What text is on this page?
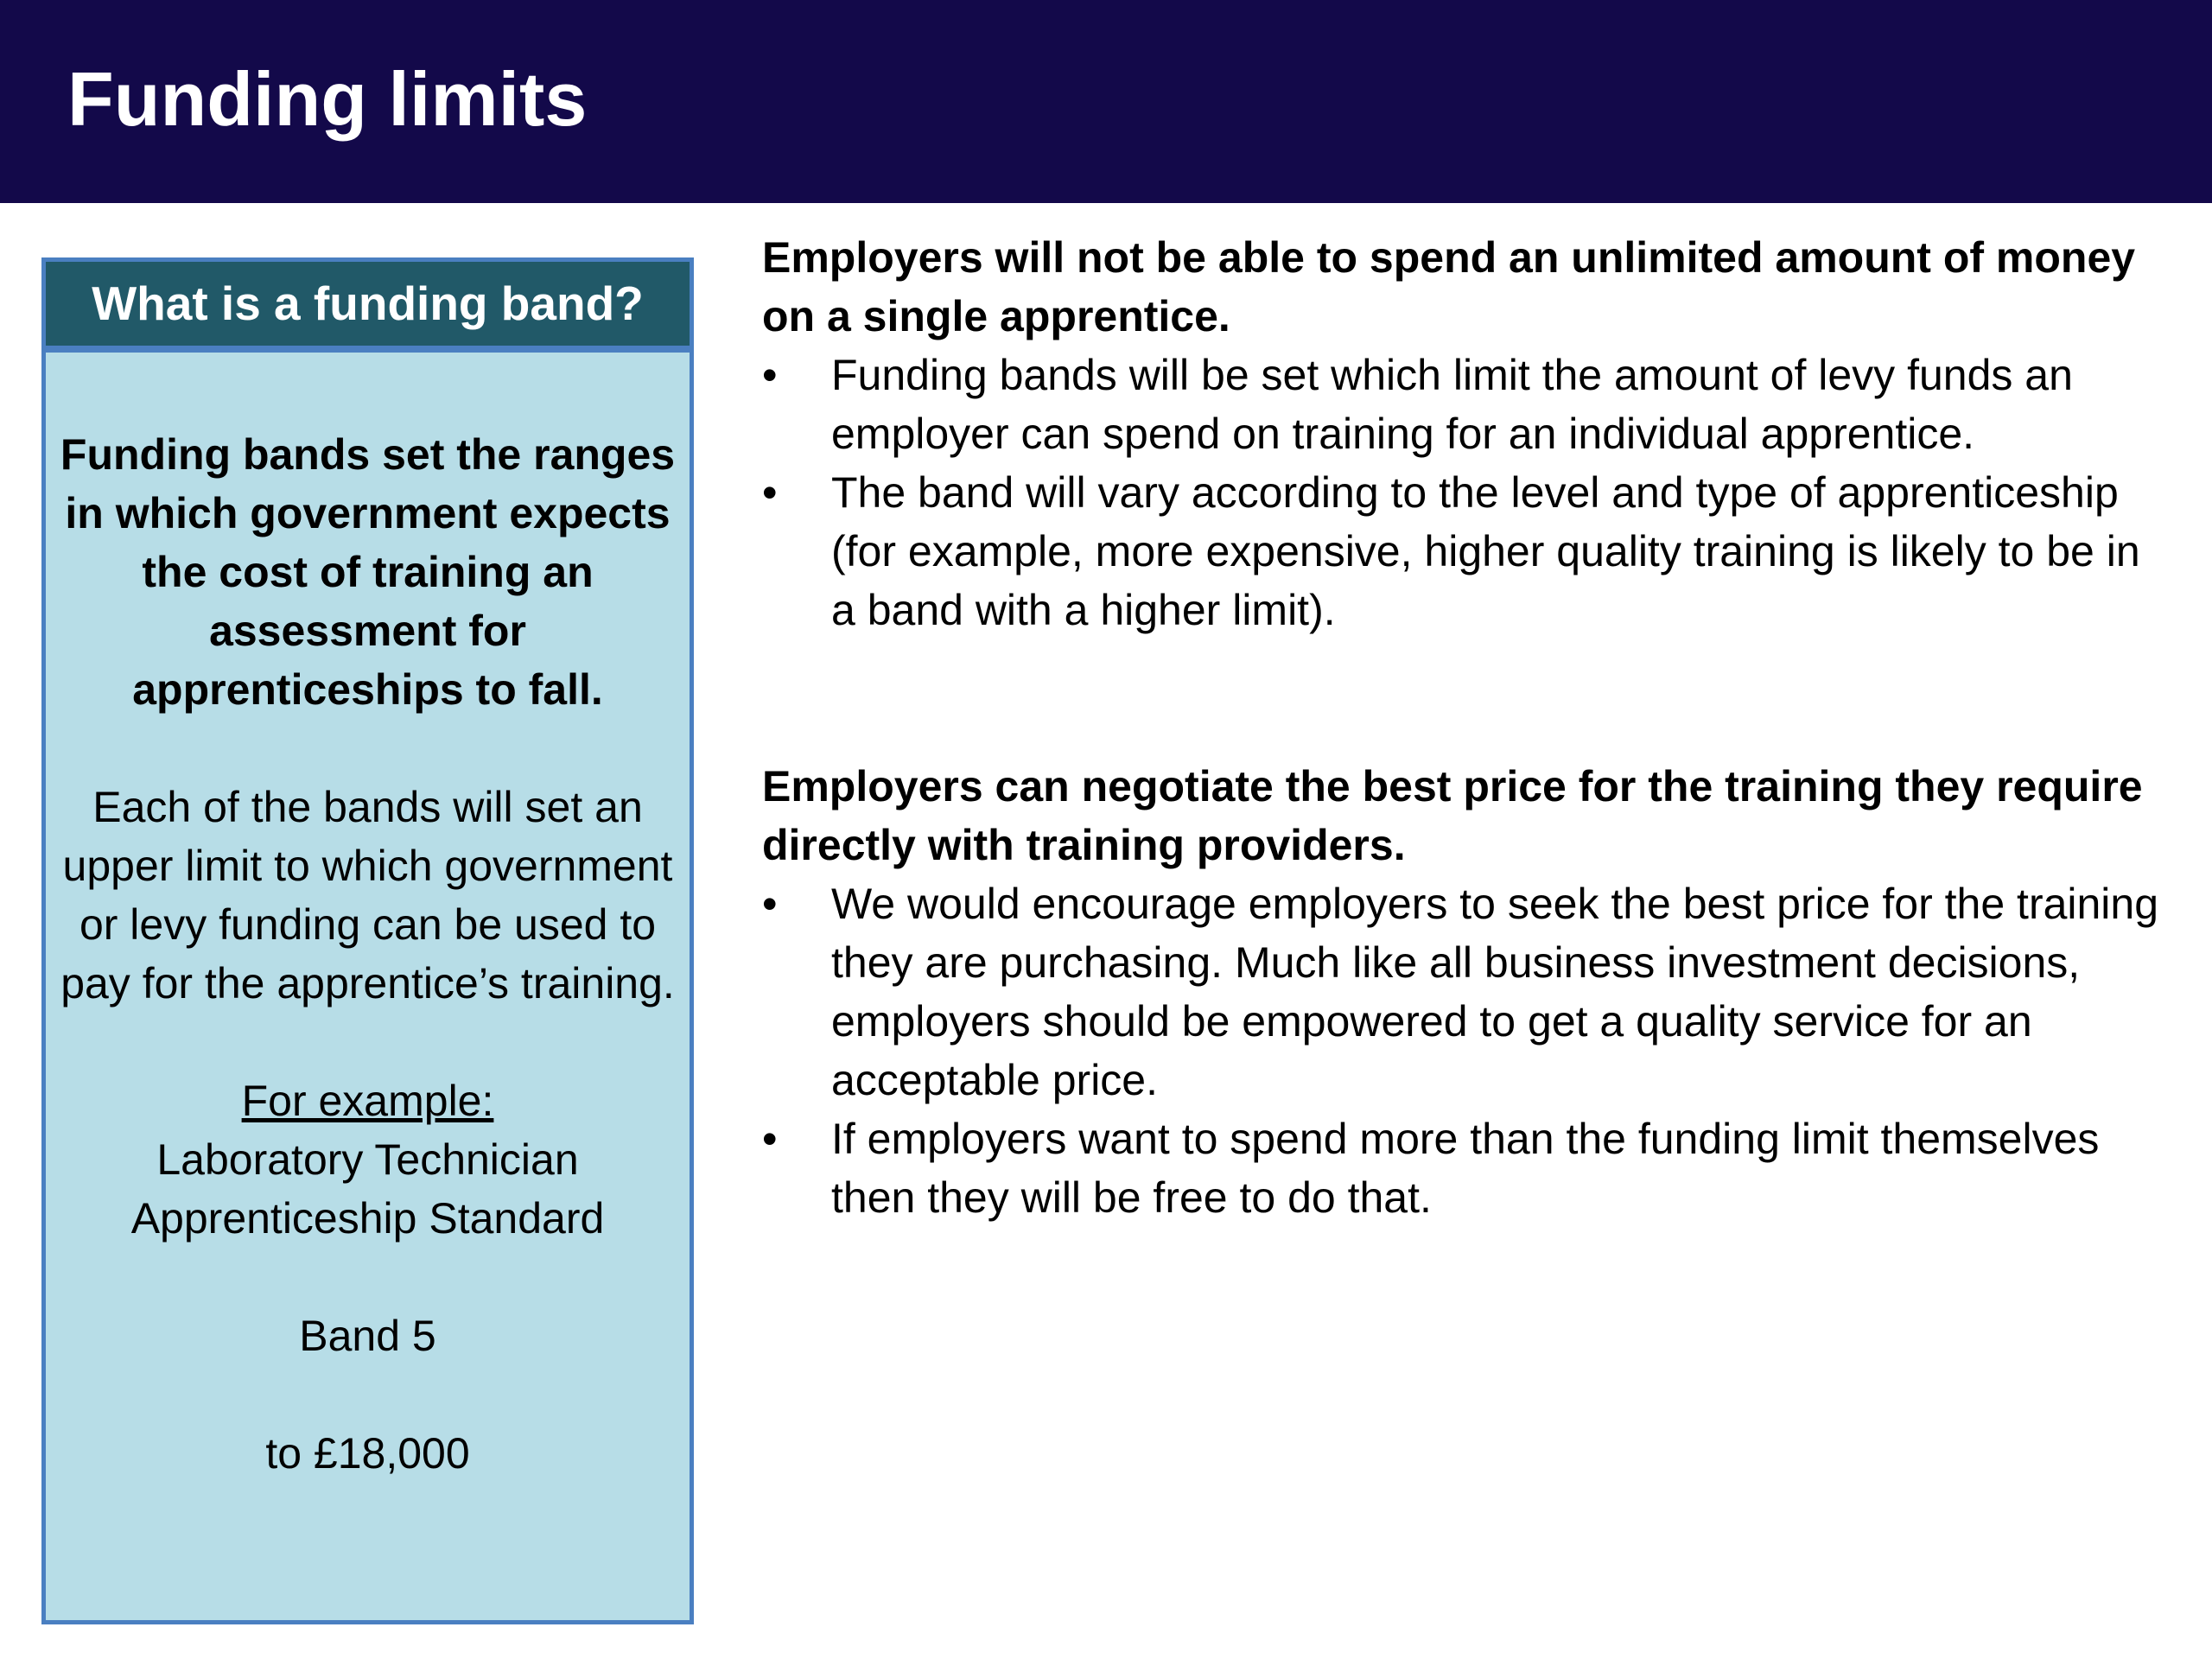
Funding limits
What is a funding band?

Funding bands set the ranges in which government expects the cost of training an assessment for apprenticeships to fall.

Each of the bands will set an upper limit to which government or levy funding can be used to pay for the apprentice’s training.

For example:

Laboratory Technician Apprenticeship Standard

Band 5

to £18,000

Employers will not be able to spend an unlimited amount of money on a single apprentice.

• Funding bands will be set which limit the amount of levy funds an employer can spend on training for an individual apprentice.
• The band will vary according to the level and type of apprenticeship (for example, more expensive, higher quality training is likely to be in a band with a higher limit).

Employers can negotiate the best price for the training they require directly with training providers.

• We would encourage employers to seek the best price for the training they are purchasing. Much like all business investment decisions, employers should be empowered to get a quality service for an acceptable price.
• If employers want to spend more than the funding limit themselves then they will be free to do that.
